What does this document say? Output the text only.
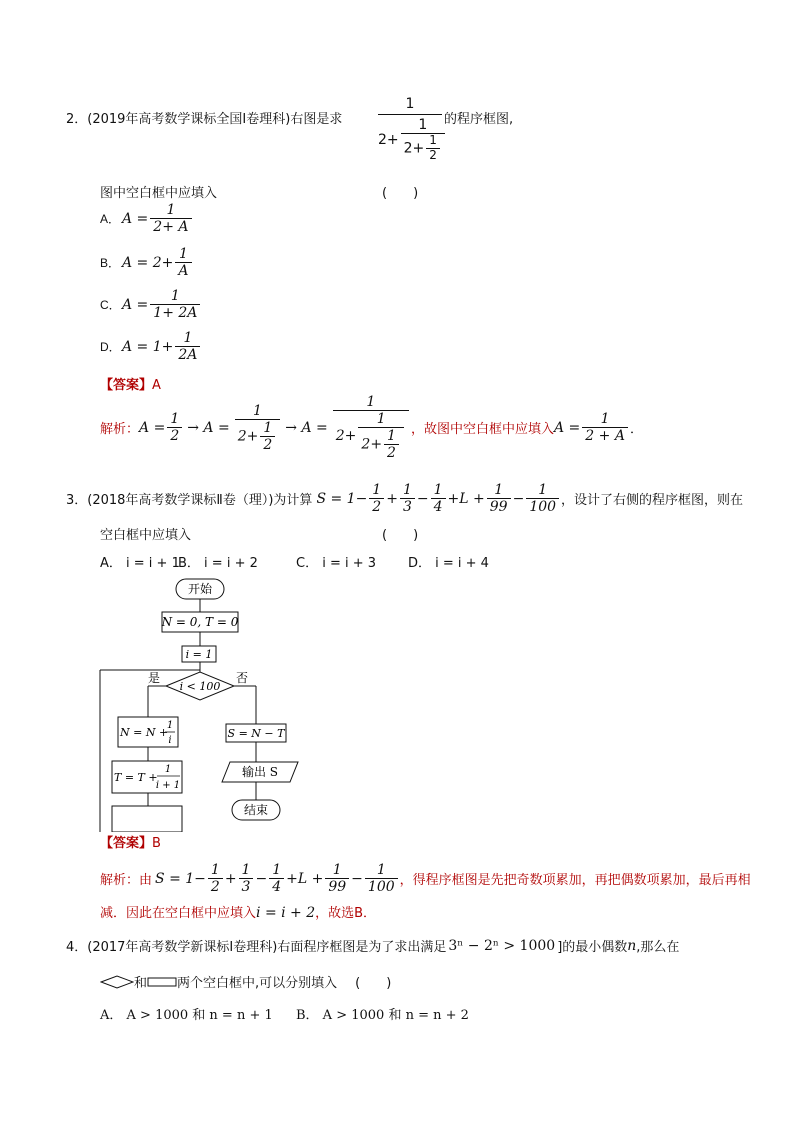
2．(2019年高考数学课标全国Ⅰ卷理科)右图是求	$\frac{1}{2+ \frac{1}{2+ \frac{1}{2}}}$ 的程序框图,
图中空白框中应填入	(　　)
A． $A = \frac{1}{2+ A}$
B． $A = 2+ \frac{1}{A}$
C． $A = \frac{1}{1+ 2A}$
D． $A = 1+ \frac{1}{2A}$
【答案】A
解析： $A = \frac{1}{2} \to A = \frac{1}{2+ \frac{1}{2}} \to A = \frac{1}{2+ \frac{1}{2+ \frac{1}{2}}}$ ，故图中空白框中应填入 $A = \frac{1}{2 + A}$ ．
3． (2018年高考数学课标Ⅱ卷（理）) 为计算 $S = 1- \frac{1}{2} + \frac{1}{3} - \frac{1}{4} +L + \frac{1}{99} - \frac{1}{100}$ ，设计了右侧的程序框图，则在
空白框中应填入	(　　)
A． i = i + 1
B． i = i + 2	C． i = i + 3 D． i = i + 4
开始
N = 0, T = 0
i = 1
i < 100
是	否
N = N +
1
i
T = T +
1
i + 1
S = N − T
输出 S
结束
【答案】B
解析： 由 $S = 1- \frac{1}{2} + \frac{1}{3} - \frac{1}{4} +L + \frac{1}{99} - \frac{1}{100}$ ，得程序框图是先把奇数项累加，再把偶数项累加，最后再相
减．因此在空白框中应填入i = i + 2，故选B．
4． (2017年高考数学新课标Ⅰ卷理科) 右面程序框图是为了求出满足 3ⁿ − 2ⁿ > 1000 ]的最小偶数 n ,那么在
和 两个空白框中,可以分别填入 (　　)
A． A > 1000 和 n = n + 1 B． A > 1000 和 n = n + 2
